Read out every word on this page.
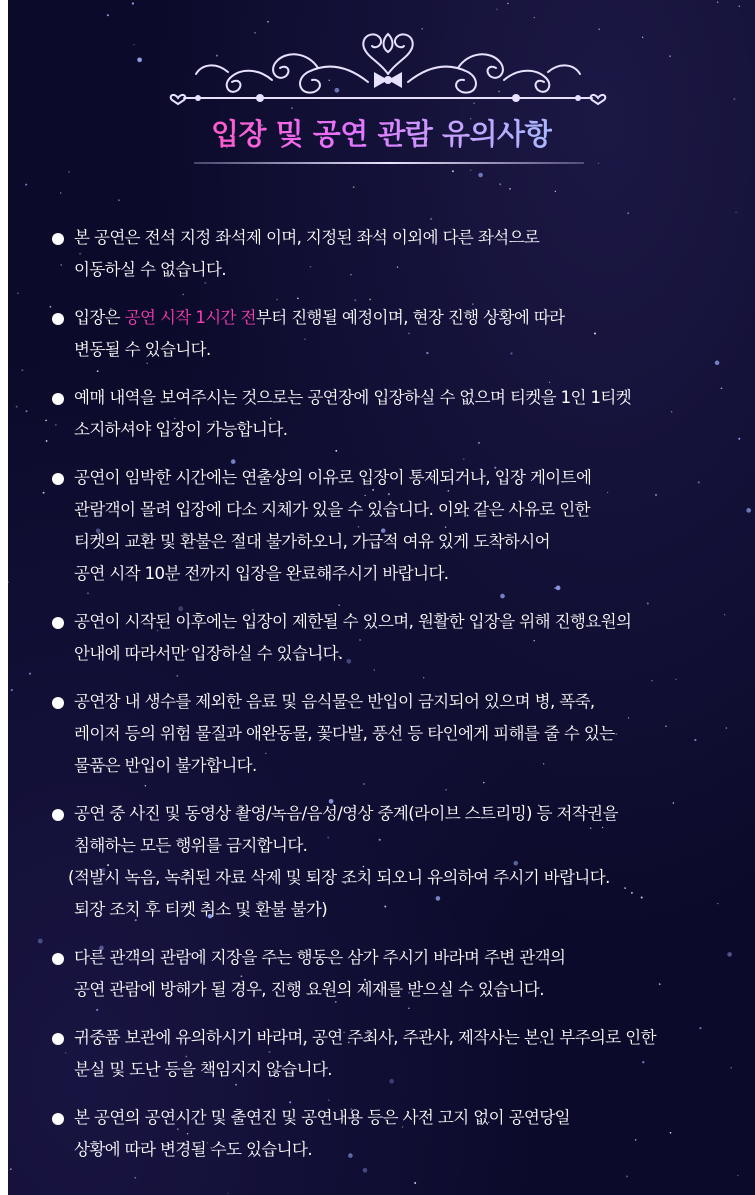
입장 및 공연 관람 유의사항
본 공연은 전석 지정 좌석제 이며, 지정된 좌석 이외에 다른 좌석으로
이동하실 수 없습니다.
입장은 공연 시작 1시간 전부터 진행될 예정이며, 현장 진행 상황에 따라
변동될 수 있습니다.
예매 내역을 보여주시는 것으로는 공연장에 입장하실 수 없으며 티켓을 1인 1티켓
소지하셔야 입장이 가능합니다.
공연이 임박한 시간에는 연출상의 이유로 입장이 통제되거나, 입장 게이트에
관람객이 몰려 입장에 다소 지체가 있을 수 있습니다. 이와 같은 사유로 인한
티켓의 교환 및 환불은 절대 불가하오니, 가급적 여유 있게 도착하시어
공연 시작 10분 전까지 입장을 완료해주시기 바랍니다.
공연이 시작된 이후에는 입장이 제한될 수 있으며, 원활한 입장을 위해 진행요원의
안내에 따라서만 입장하실 수 있습니다.
공연장 내 생수를 제외한 음료 및 음식물은 반입이 금지되어 있으며 병, 폭죽,
레이저 등의 위험 물질과 애완동물, 꽃다발, 풍선 등 타인에게 피해를 줄 수 있는
물품은 반입이 불가합니다.
공연 중 사진 및 동영상 촬영/녹음/음성/영상 중계(라이브 스트리밍) 등 저작권을
침해하는 모든 행위를 금지합니다.
(적발시 녹음, 녹취된 자료 삭제 및 퇴장 조치 되오니 유의하여 주시기 바랍니다.
퇴장 조치 후 티켓 취소 및 환불 불가)
다른 관객의 관람에 지장을 주는 행동은 삼가 주시기 바라며 주변 관객의
공연 관람에 방해가 될 경우, 진행 요원의 제재를 받으실 수 있습니다.
귀중품 보관에 유의하시기 바라며, 공연 주최사, 주관사, 제작사는 본인 부주의로 인한
분실 및 도난 등을 책임지지 않습니다.
본 공연의 공연시간 및 출연진 및 공연내용 등은 사전 고지 없이 공연당일
상황에 따라 변경될 수도 있습니다.
